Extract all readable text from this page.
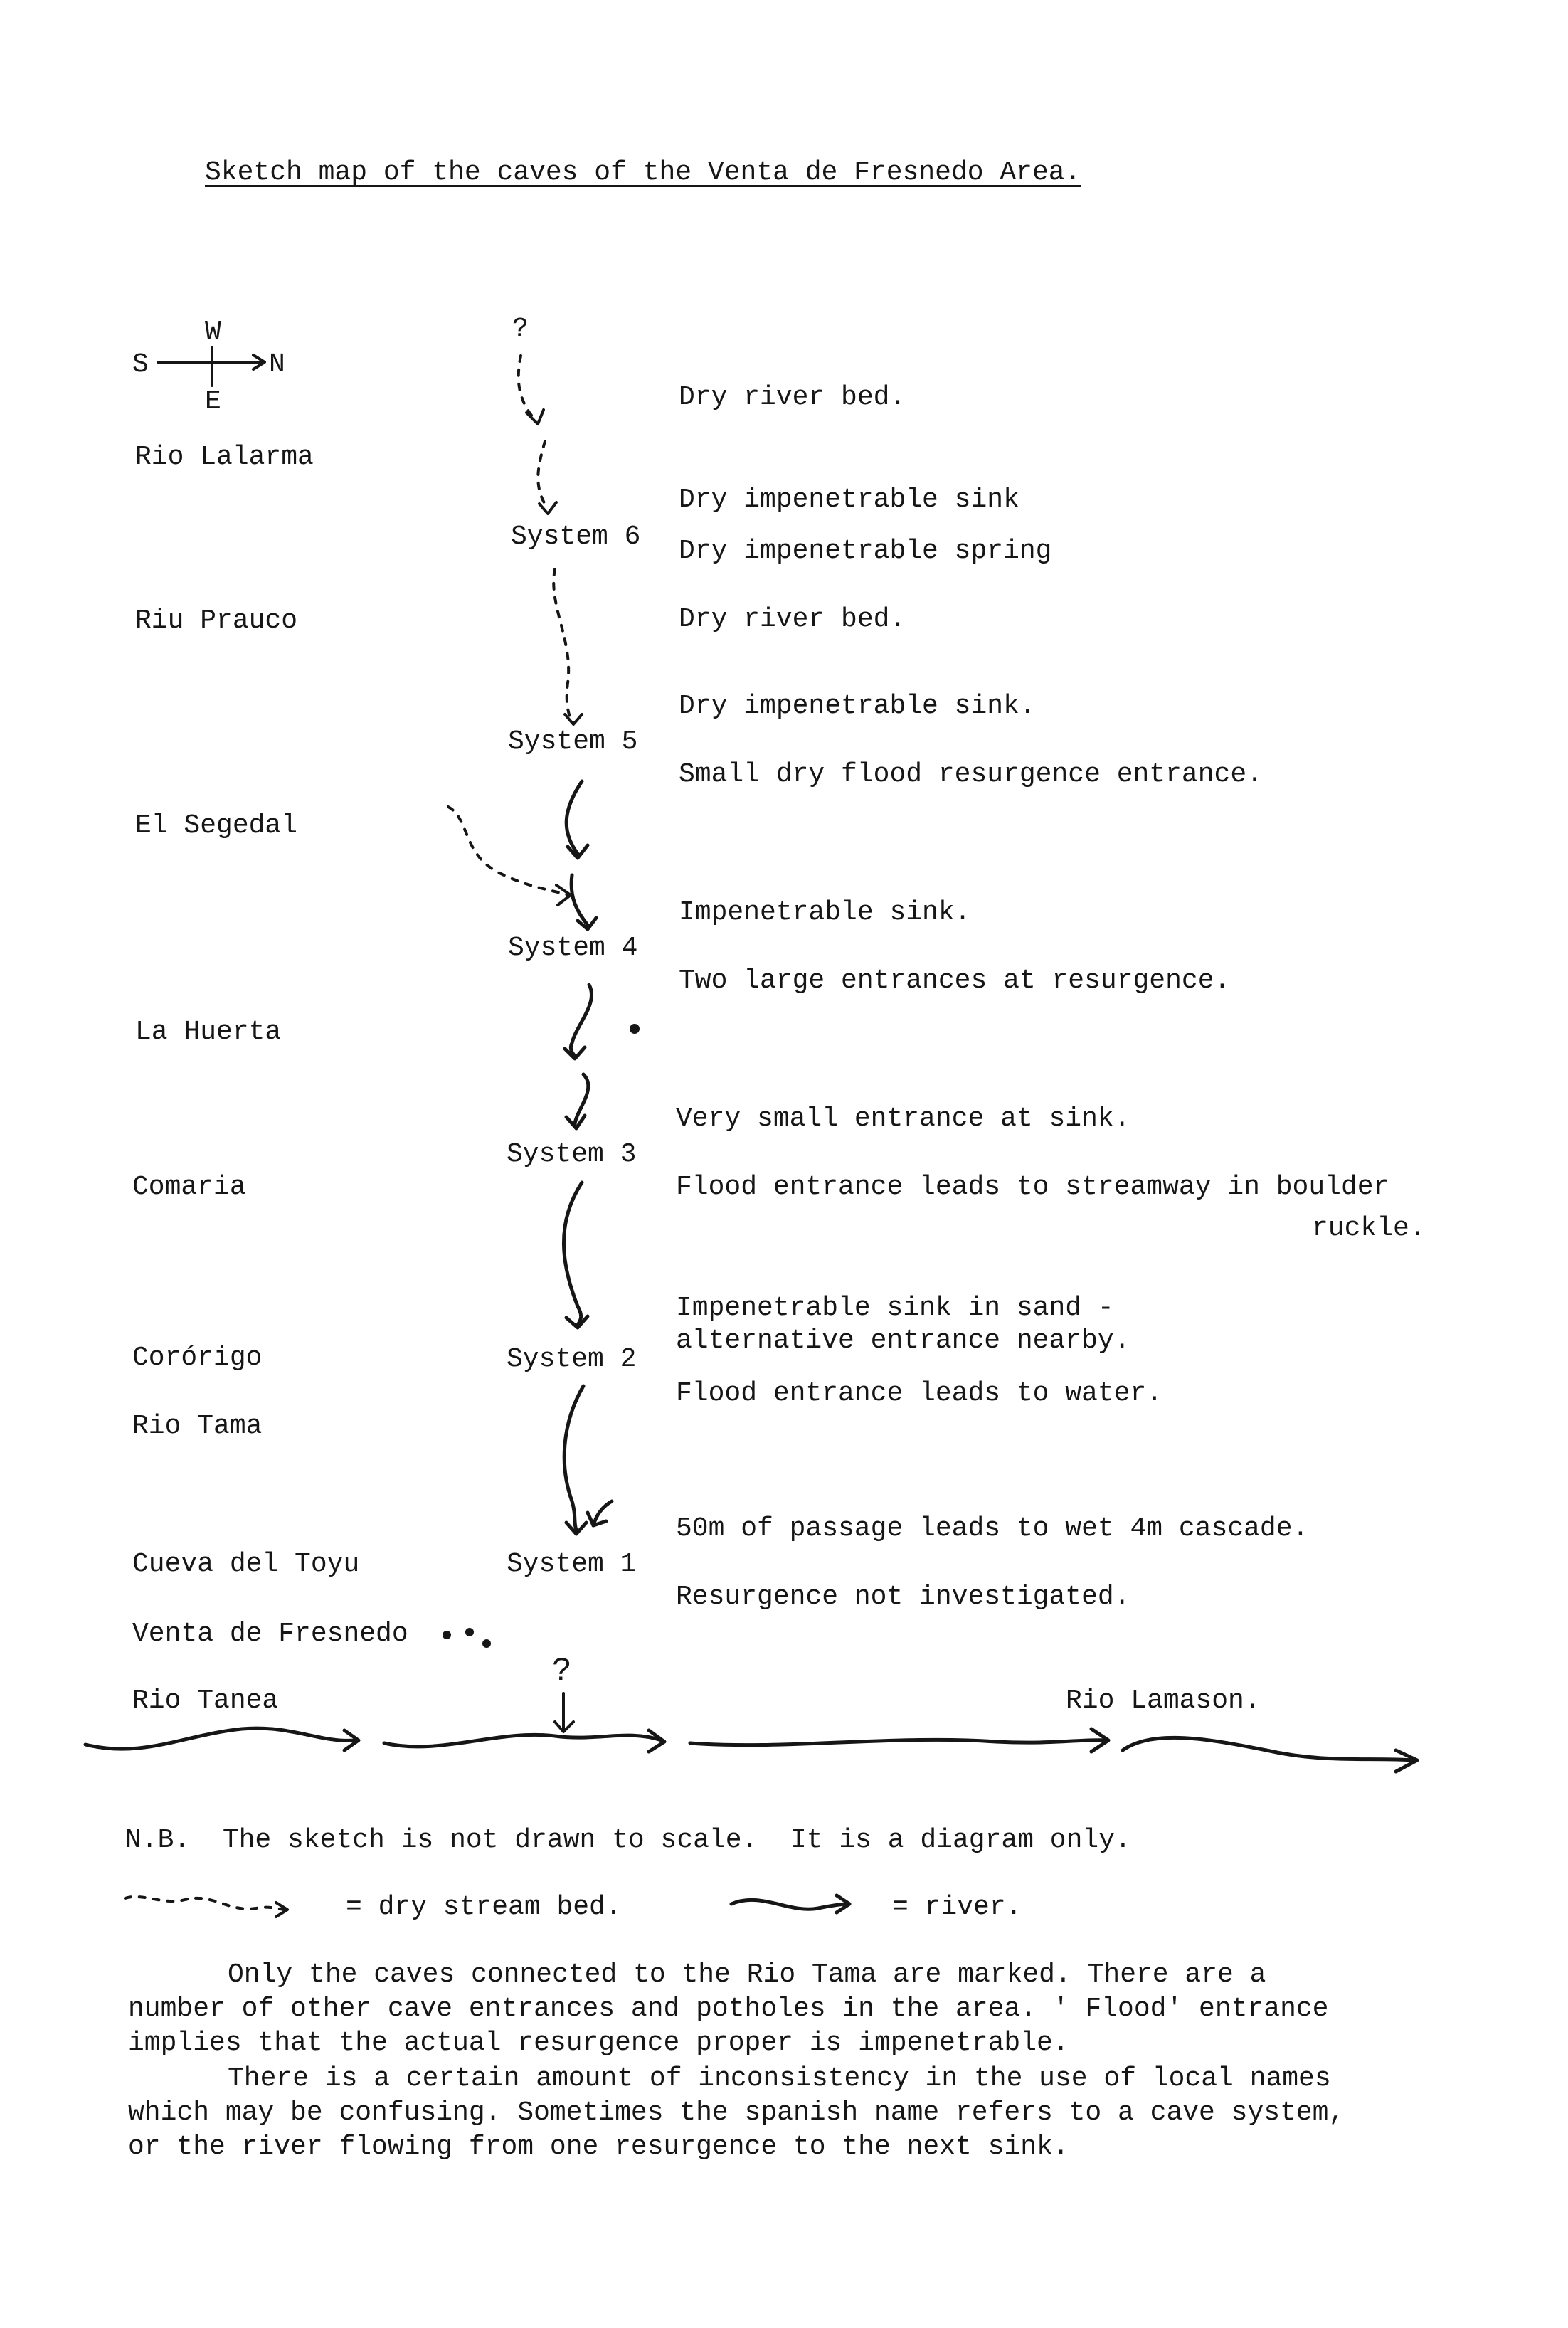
Sketch map of the caves of the Venta de Fresnedo Area.
W
S	N
E
Rio Lalarma
Riu Prauco
El Segedal
La Huerta
Comaria
Corórigo
Rio Tama
Cueva del Toyu
Venta de Fresnedo
Rio Tanea
?
?
System 6
System 5
System 4
System 3
System 2
System 1
Dry river bed.
Dry impenetrable sink
Dry impenetrable spring
Dry river bed.
Dry impenetrable sink.
Small dry flood resurgence entrance.
Impenetrable sink.
Two large entrances at resurgence.
Very small entrance at sink.
Flood entrance leads to streamway in boulder
ruckle.
Impenetrable sink in sand -
alternative entrance nearby.
Flood entrance leads to water.
50m of passage leads to wet 4m cascade.
Resurgence not investigated.
Rio Lamason.
N.B.  The sketch is not drawn to scale.  It is a diagram only.
= dry stream bed.	= river.
Only the caves connected to the Rio Tama are marked. There are a number of other cave entrances and potholes in the area. ' Flood' entrance implies that the actual resurgence proper is impenetrable.
There is a certain amount of inconsistency in the use of local names which may be confusing. Sometimes the spanish name refers to a cave system, or the river flowing from one resurgence to the next sink.
